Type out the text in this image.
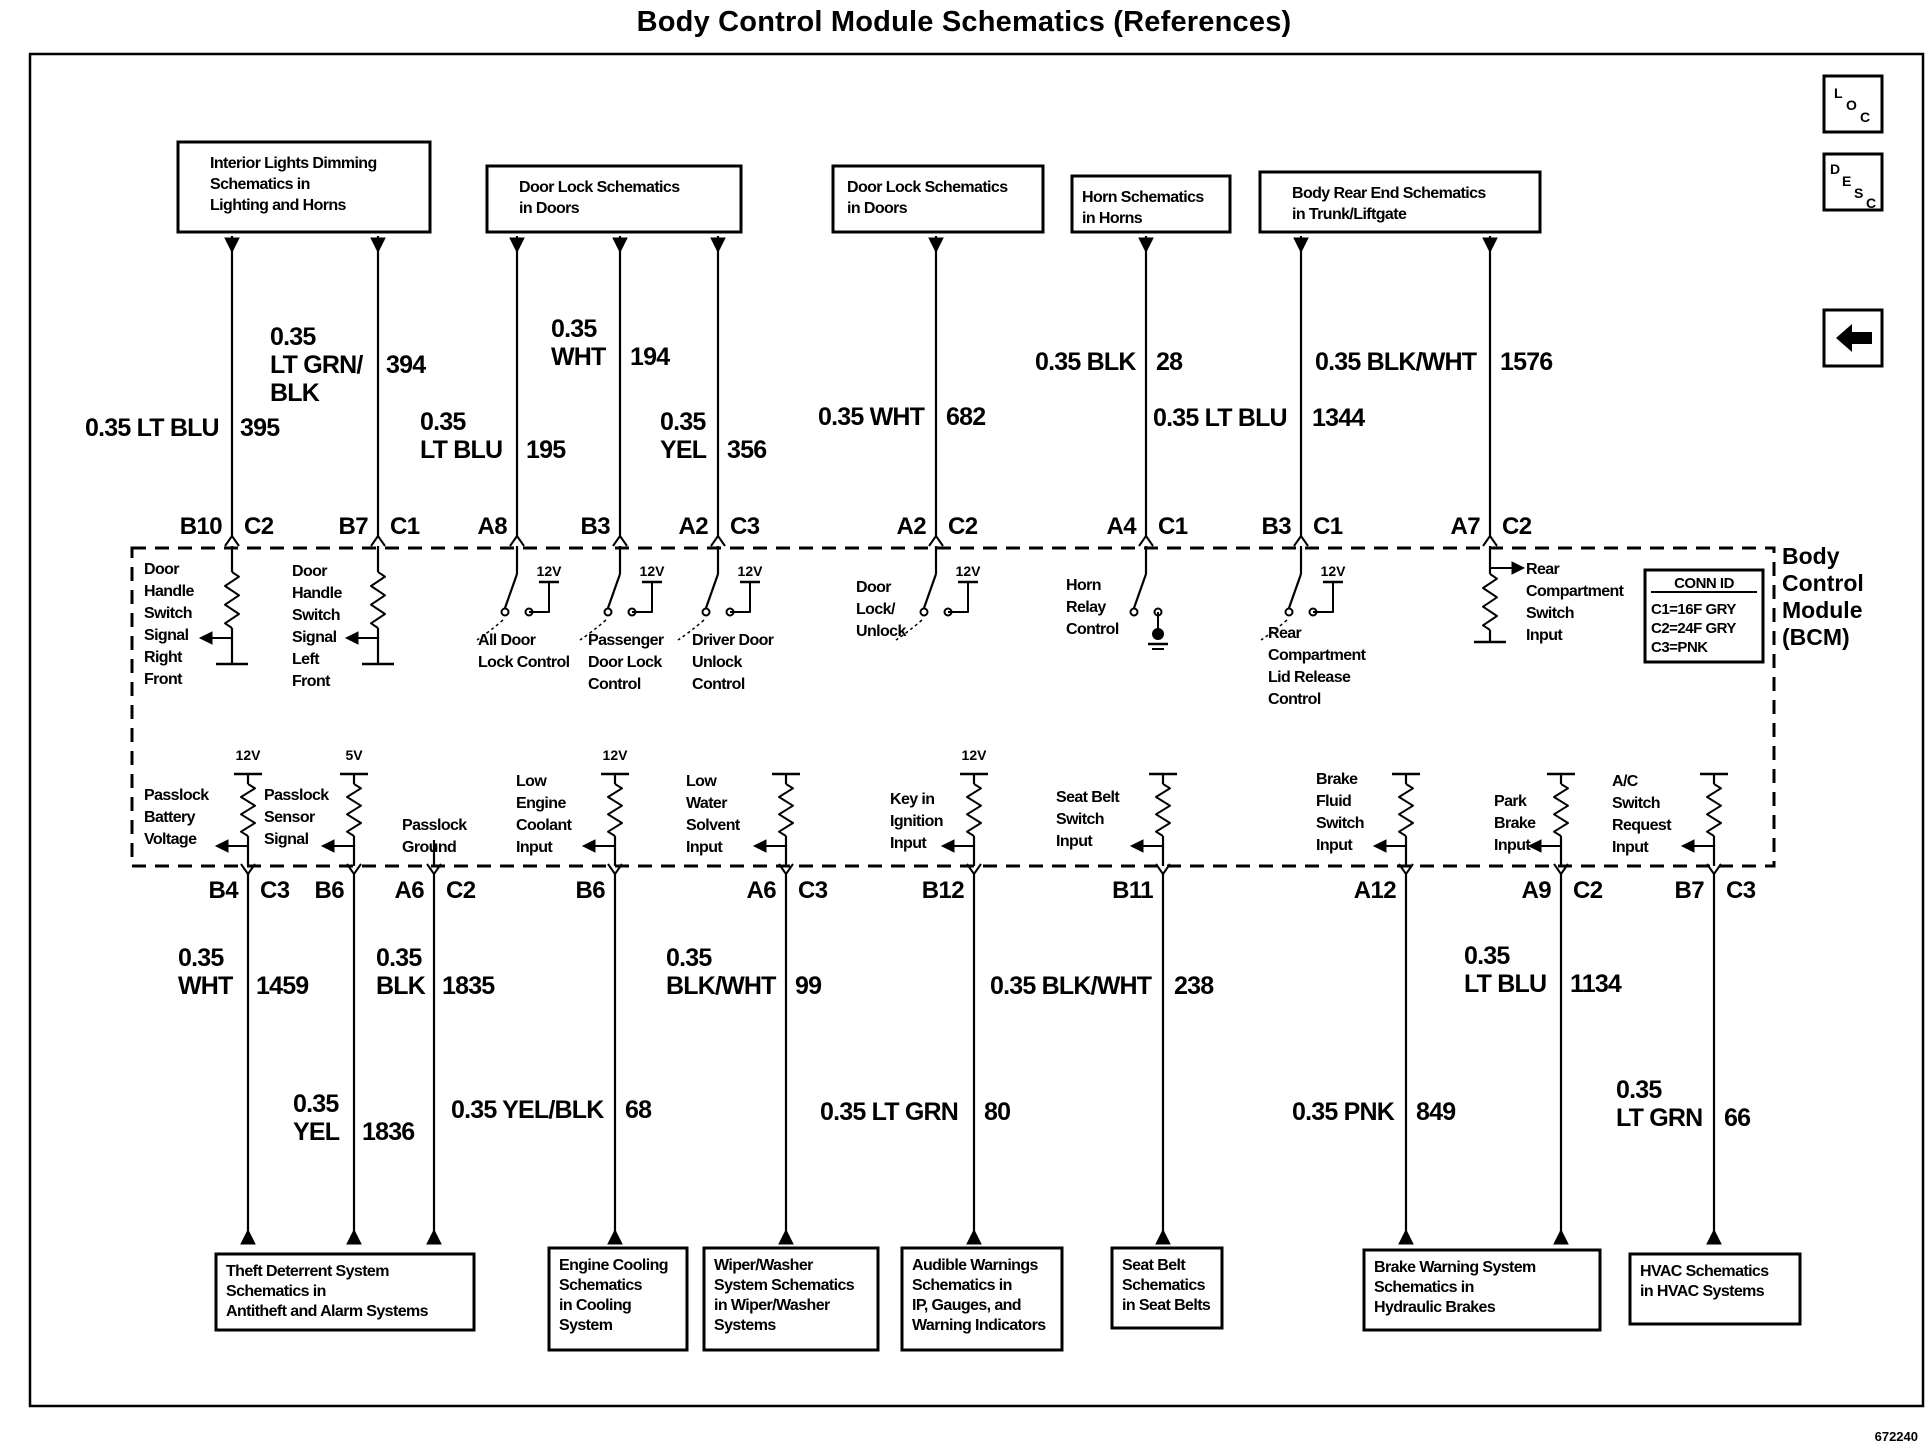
Body Control Module Schematics (References)
L
O
C
D
E
S
C
Body
Control
Module
(BCM)
CONN ID
C1=16F GRY
C2=24F GRY
C3=PNK
Interior Lights Dimming
Schematics in
Lighting and Horns
Door Lock Schematics
in Doors
Door Lock Schematics
in Doors
Horn Schematics
in Horns
Body Rear End Schematics
in Trunk/Liftgate
0.35 LT BLU 395
0.35
LT GRN/
BLK
394
0.35
LT BLU 195
0.35
WHT 194
0.35
YEL 356
0.35 WHT 682
0.35 BLK 28
0.35 LT BLU 1344
0.35 BLK/WHT 1576
B10 C2	B7 C1 A8	B3	A2 C3	A2 C2	A4 C1	B3 C1	A7 C2
Door
Handle
Switch
Signal
Right
Front
Door
Handle
Switch
Signal
Left
Front
12V	12V	12V	12V
All Door
Lock Control
Passenger
Door Lock
Control
Driver Door
Unlock
Control
Door
Lock/
Unlock
Horn
Relay
Control
12V
Rear
Compartment
Lid Release
Control
Rear
Compartment
Switch
Input
12V	5V	12V	12V
Passlock
Battery
Voltage
Passlock
Sensor
Signal
Passlock
Ground
Low
Engine
Coolant
Input
Low
Water
Solvent
Input
Key in
Ignition
Input
Seat Belt
Switch
Input
Brake
Fluid
Switch
Input
Park
Brake
Input
A/C
Switch
Request
Input
B4 C3 B6 A6 C2	B6	A6 C3	B12	B11	A12	A9 C2	B7 C3
0.35
WHT 1459
0.35
YEL 1836
0.35
BLK 1835
0.35 YEL/BLK 68
0.35
BLK/WHT 99
0.35 LT GRN 80
0.35 BLK/WHT 238
0.35 PNK 849
0.35
LT BLU 1134
0.35
LT GRN 66
Theft Deterrent System
Schematics in
Antitheft and Alarm Systems
Engine Cooling
Schematics
in Cooling
System
Wiper/Washer
System Schematics
in Wiper/Washer
Systems
Audible Warnings
Schematics in
IP, Gauges, and
Warning Indicators
Seat Belt
Schematics
in Seat Belts
Brake Warning System
Schematics in
Hydraulic Brakes
HVAC Schematics
in HVAC Systems
672240
